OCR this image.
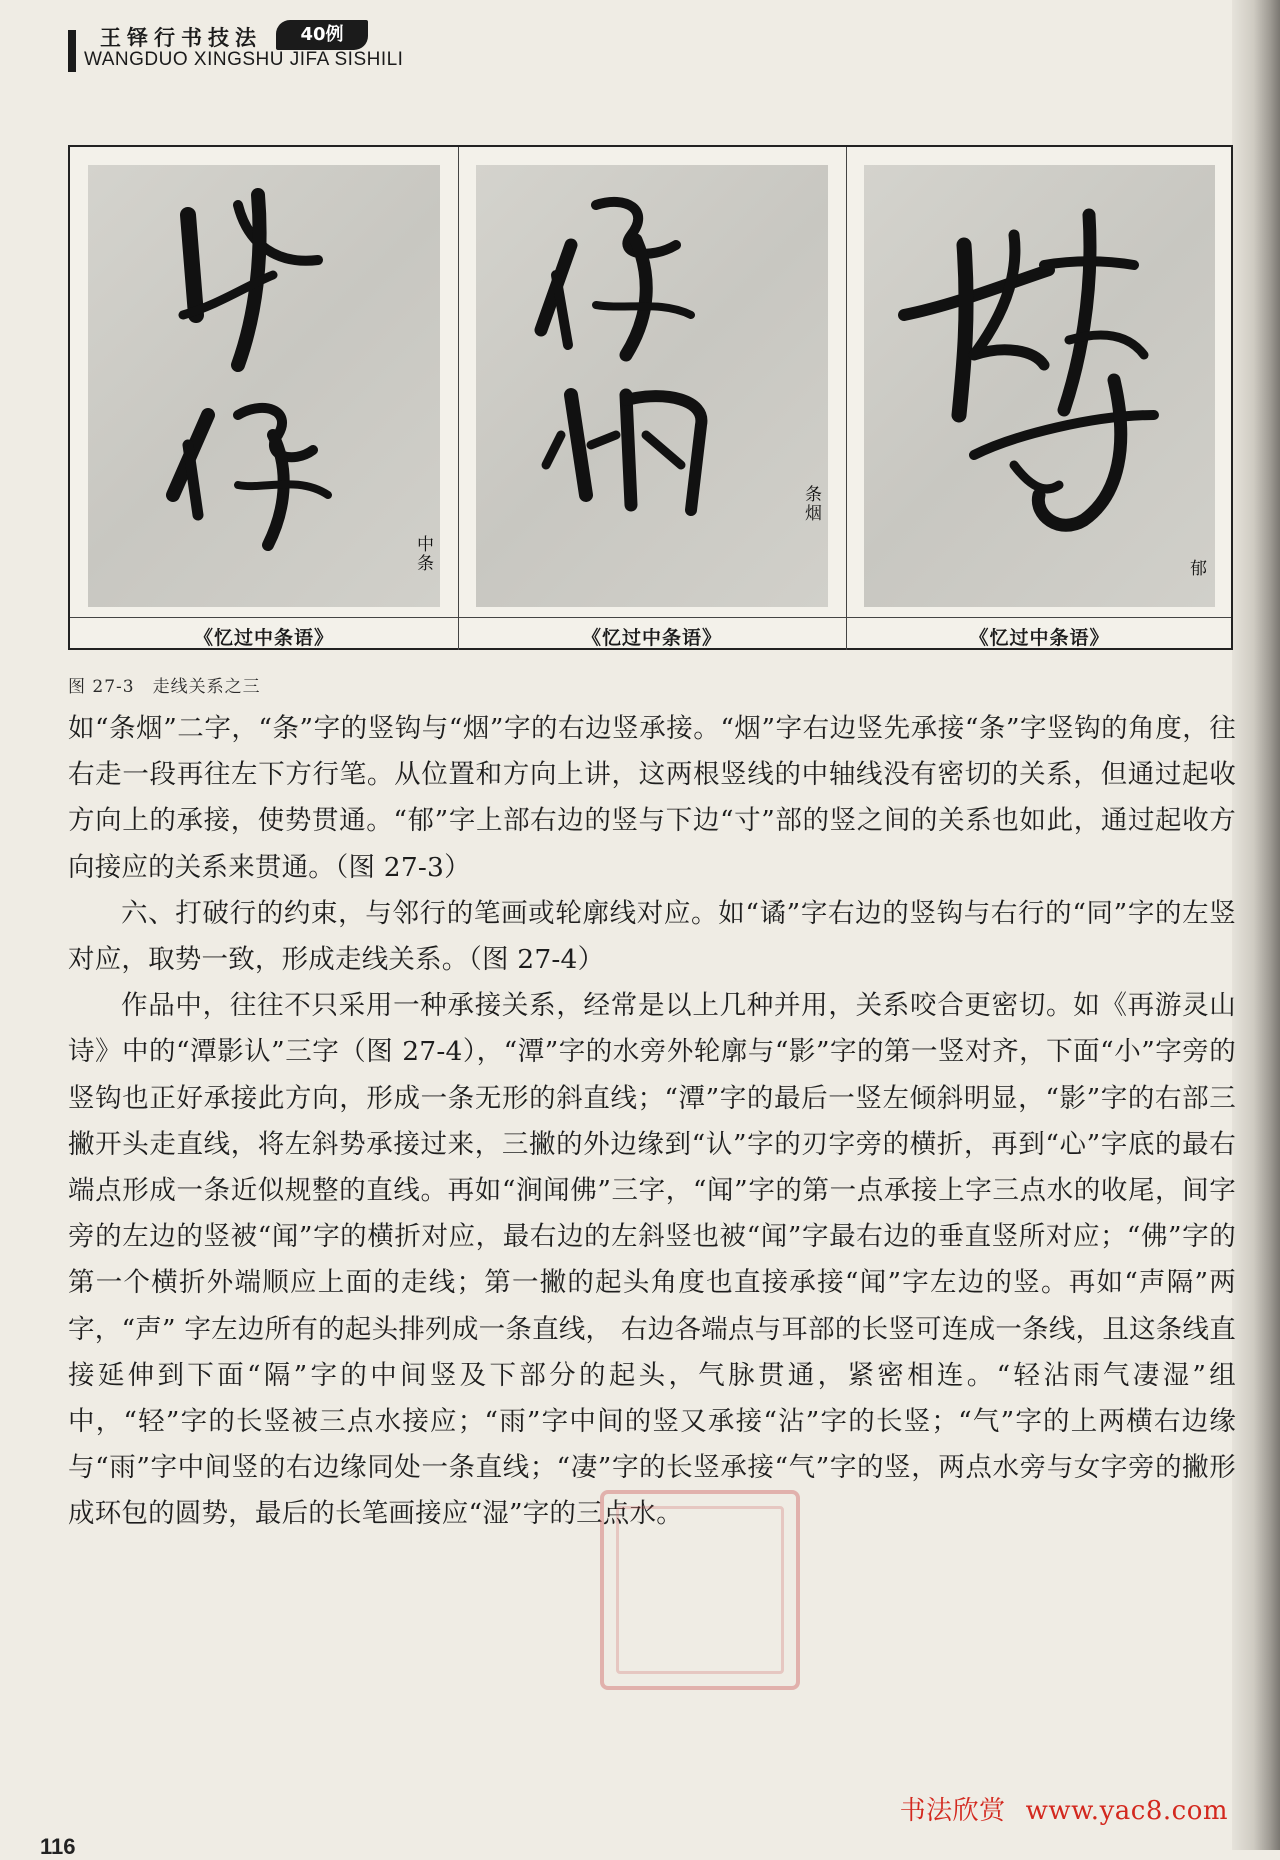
王铎行书技法	40例
WANGDUO XINGSHU JIFA SISHILI
中条
条烟
郁
《忆过中条语》	《忆过中条语》	《忆过中条语》
图 27-3　走线关系之三

如“条烟”二字，“条”字的竖钩与“烟”字的右边竖承接。“烟”字右边竖先承接“条”字竖钩的角度，往右走一段再往左下方行笔。从位置和方向上讲，这两根竖线的中轴线没有密切的关系，但通过起收方向上的承接，使势贯通。“郁”字上部右边的竖与下边“寸”部的竖之间的关系也如此，通过起收方向接应的关系来贯通。（图 27-3）

六、打破行的约束，与邻行的笔画或轮廓线对应。如“谲”字右边的竖钩与右行的“同”字的左竖对应，取势一致，形成走线关系。（图 27-4）

作品中，往往不只采用一种承接关系，经常是以上几种并用，关系咬合更密切。如《再游灵山诗》中的“潭影认”三字（图 27-4），“潭”字的水旁外轮廓与“影”字的第一竖对齐，下面“小”字旁的竖钩也正好承接此方向，形成一条无形的斜直线；“潭”字的最后一竖左倾斜明显，“影”字的右部三撇开头走直线，将左斜势承接过来，三撇的外边缘到“认”字的刃字旁的横折，再到“心”字底的最右端点形成一条近似规整的直线。再如“涧闻佛”三字，“闻”字的第一点承接上字三点水的收尾，间字旁的左边的竖被“闻”字的横折对应，最右边的左斜竖也被“闻”字最右边的垂直竖所对应；“佛”字的第一个横折外端顺应上面的走线；第一撇的起头角度也直接承接“闻”字左边的竖。再如“声隔”两字，“声” 字左边所有的起头排列成一条直线， 右边各端点与耳部的长竖可连成一条线，且这条线直接延伸到下面“隔”字的中间竖及下部分的起头，气脉贯通，紧密相连。“轻沾雨气凄湿”组中，“轻”字的长竖被三点水接应；“雨”字中间的竖又承接“沾”字的长竖；“气”字的上两横右边缘与“雨”字中间竖的右边缘同处一条直线；“凄”字的长竖承接“气”字的竖，两点水旁与女字旁的撇形成环包的圆势，最后的长笔画接应“湿”字的三点水。

书法欣赏 www.yac8.com
116
